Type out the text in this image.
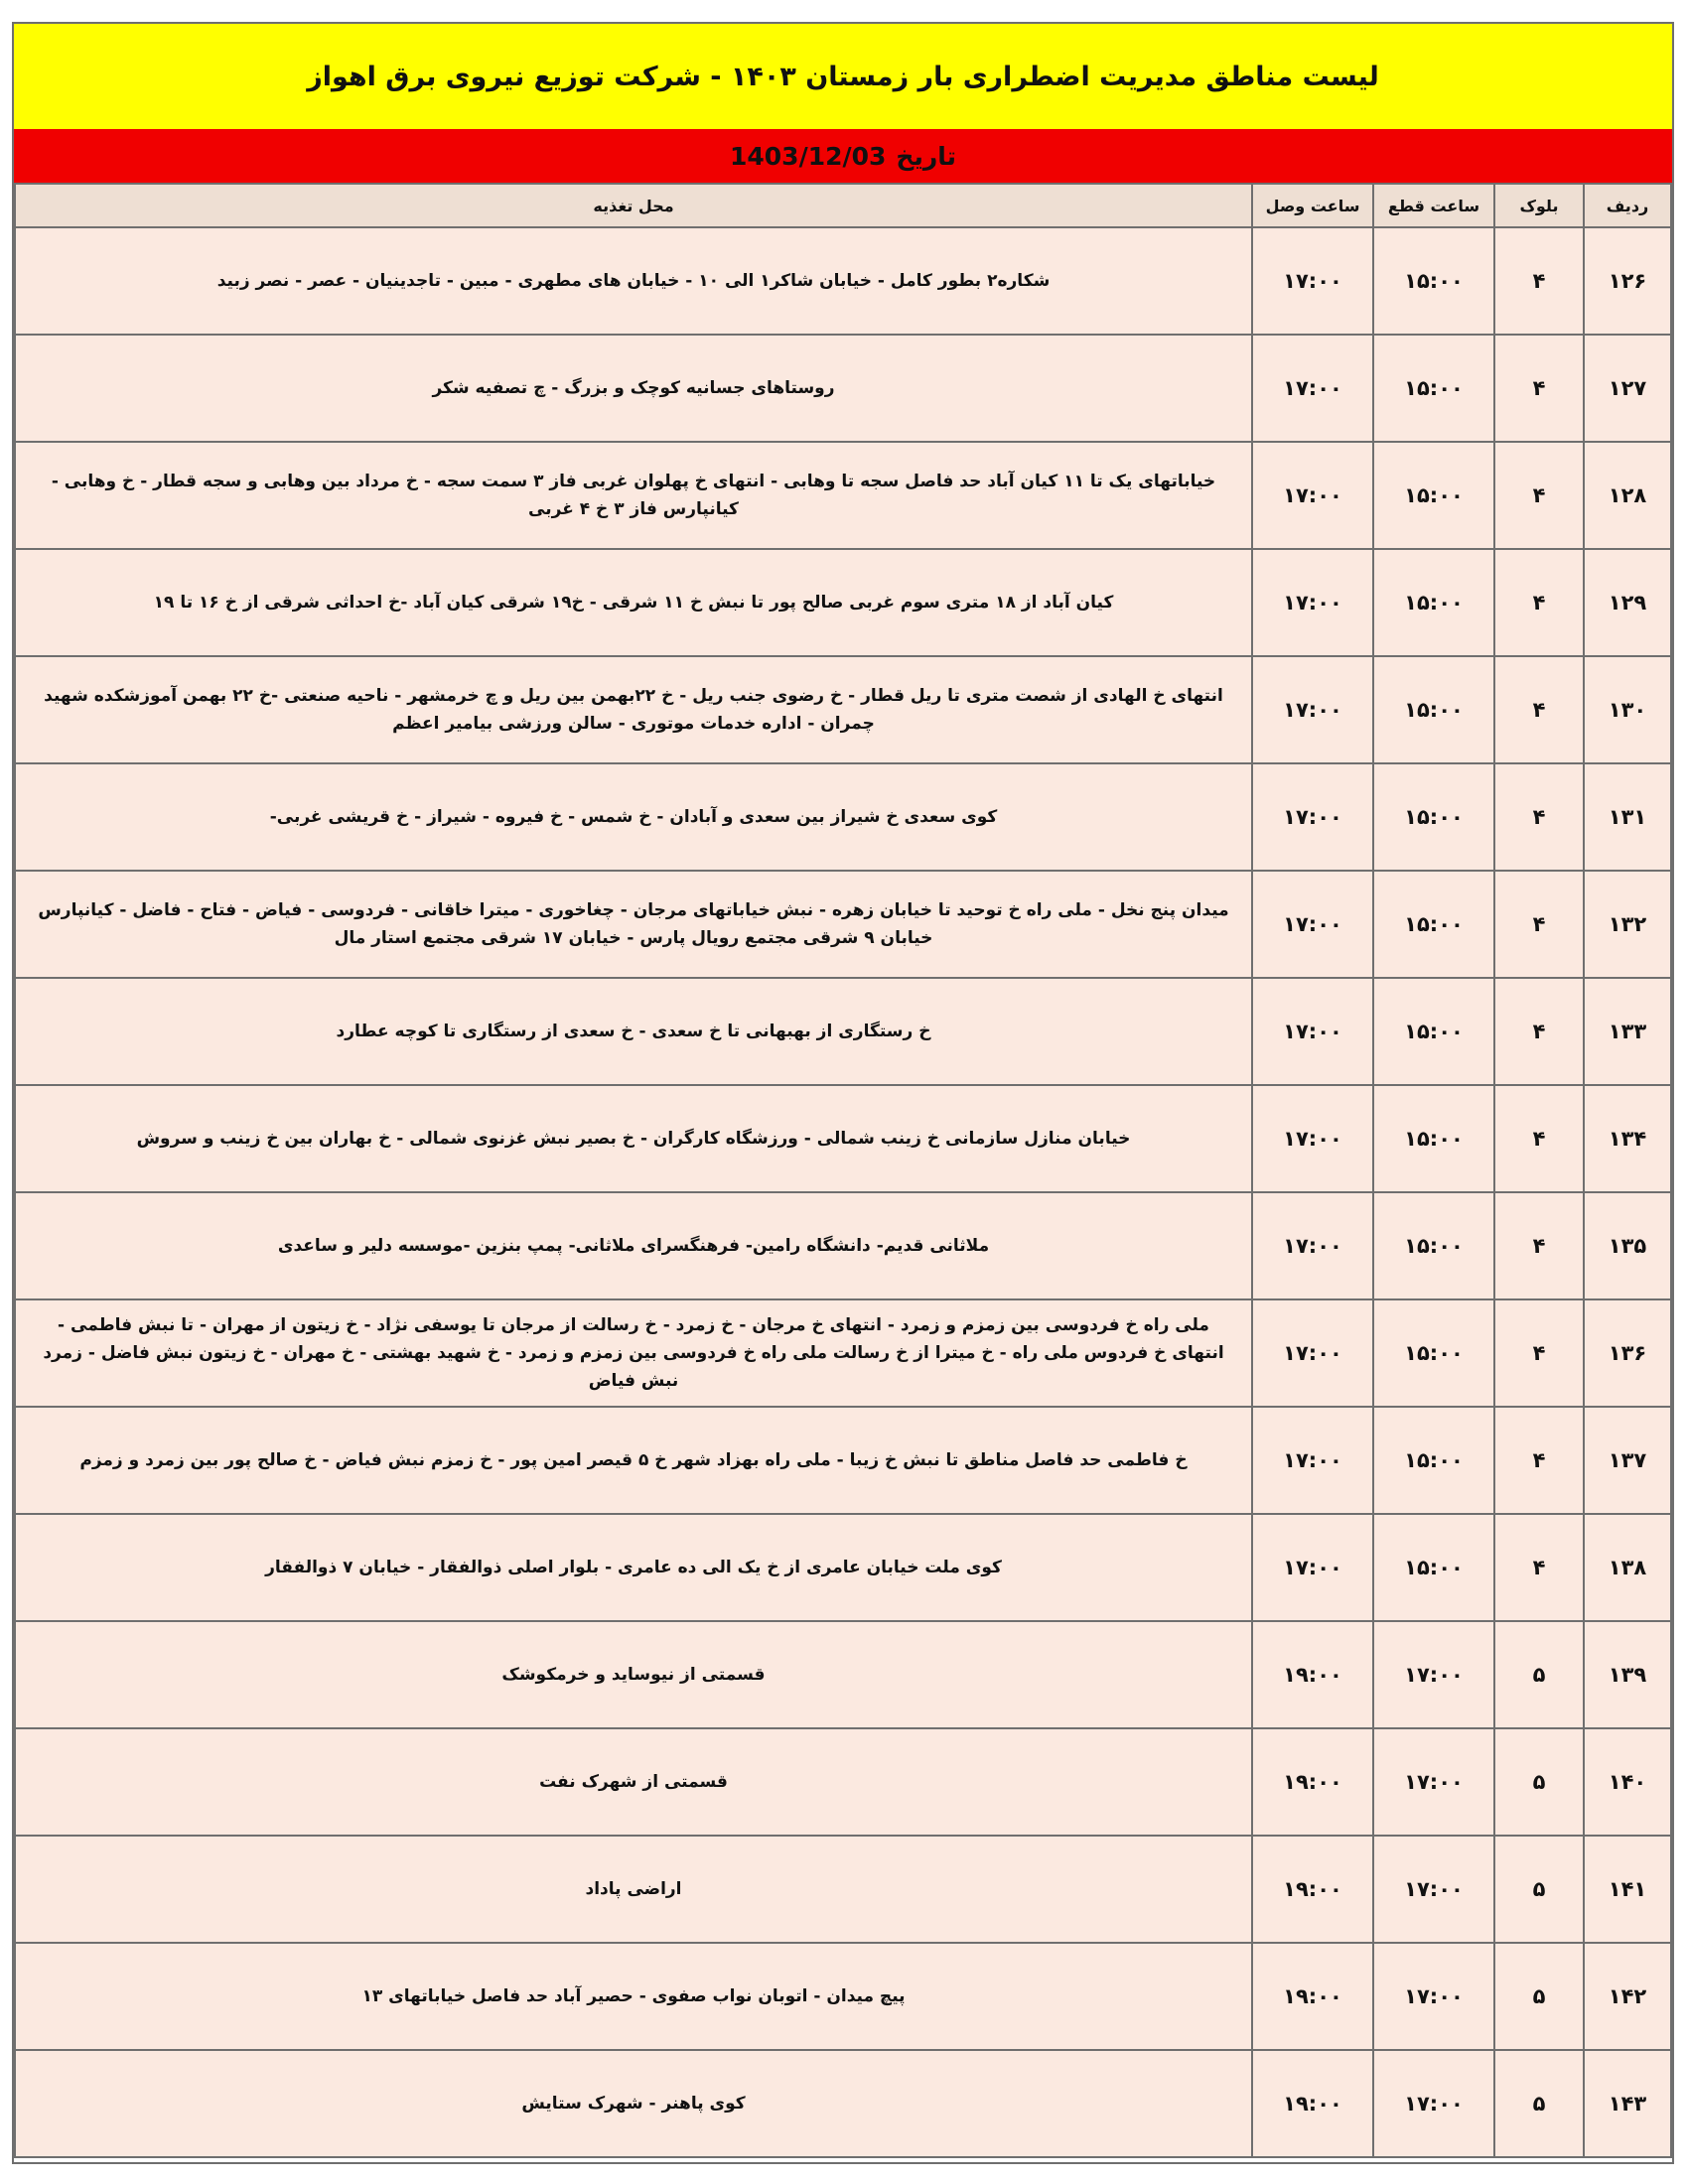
لیست مناطق مدیریت اضطراری بار زمستان ۱۴۰۳ - شرکت توزیع نیروی برق اهواز
تاریخ
1403/12/03
ردیف	بلوک	ساعت قطع	ساعت وصل	محل تغذیه
۱۲۶	۴	۱۵:۰۰	۱۷:۰۰	شکاره۲ بطور کامل - خیابان شاکر۱ الی ۱۰ - خیابان های مطهری - مبین - تاجدینیان - عصر - نصر زبید
۱۲۷	۴	۱۵:۰۰	۱۷:۰۰	روستاهای جسانیه کوچک و بزرگ - چ تصفیه شکر
۱۲۸	۴	۱۵:۰۰	۱۷:۰۰	خیاباتهای یک تا ۱۱ کیان آباد حد فاصل سجه تا وهابی - انتهای خ پهلوان غربی فاز ۳ سمت سجه - خ مرداد بین وهابی و سجه قطار - خ وهابی - کیانپارس فاز ۳ خ ۴ غربی
۱۲۹	۴	۱۵:۰۰	۱۷:۰۰	کیان آباد از ۱۸ متری سوم غربی صالح پور تا نبش خ ۱۱ شرقی - خ۱۹ شرقی کیان آباد -خ احداثی شرقی از خ ۱۶ تا ۱۹
۱۳۰	۴	۱۵:۰۰	۱۷:۰۰	انتهای خ الهادی از شصت متری تا ریل قطار - خ رضوی جنب ریل - خ ۲۲بهمن بین ریل و چ خرمشهر - ناحیه صنعتی -خ ۲۲ بهمن آموزشکده شهید چمران - اداره خدمات موتوری - سالن ورزشی بیامیر اعظم
۱۳۱	۴	۱۵:۰۰	۱۷:۰۰	کوی سعدی خ شیراز بین سعدی و آبادان - خ شمس - خ فیروه - شیراز - خ قریشی غربی-
۱۳۲	۴	۱۵:۰۰	۱۷:۰۰	میدان پنج نخل - ملی راه خ توحید تا خیابان زهره - نبش خیاباتهای مرجان - چغاخوری - میترا خاقانی - فردوسی - فیاض - فتاح - فاضل - کیانپارس خیابان ۹ شرقی مجتمع رویال پارس - خیابان ۱۷ شرقی مجتمع استار مال
۱۳۳	۴	۱۵:۰۰	۱۷:۰۰	خ رستگاری از بهبهانی تا خ سعدی - خ سعدی از رستگاری تا کوچه عطارد
۱۳۴	۴	۱۵:۰۰	۱۷:۰۰	خیابان منازل سازمانی خ زینب شمالی - ورزشگاه کارگران - خ بصیر نبش غزنوی شمالی - خ بهاران بین خ زینب و سروش
۱۳۵	۴	۱۵:۰۰	۱۷:۰۰	ملاثانی قدیم- دانشگاه رامین- فرهنگسرای ملاثانی- پمپ بنزین -موسسه دلیر و ساعدی
۱۳۶	۴	۱۵:۰۰	۱۷:۰۰	ملی راه خ فردوسی بین زمزم و زمرد - انتهای خ مرجان - خ زمرد - خ رسالت از مرجان تا یوسفی نژاد - خ زیتون از مهران - تا نبش فاطمی - انتهای خ فردوس ملی راه - خ میترا از خ رسالت ملی راه خ فردوسی بین زمزم و زمرد - خ شهید بهشتی - خ مهران - خ زیتون نبش فاضل - زمرد نبش فیاض
۱۳۷	۴	۱۵:۰۰	۱۷:۰۰	خ فاطمی حد فاصل مناطق تا نبش خ زیبا - ملی راه بهزاد شهر خ ۵ قیصر امین پور - خ زمزم نبش فیاض - خ صالح پور بین زمرد و زمزم
۱۳۸	۴	۱۵:۰۰	۱۷:۰۰	کوی ملت خیابان عامری از خ یک الی ده عامری - بلوار اصلی ذوالفقار - خیابان ۷ ذوالفقار
۱۳۹	۵	۱۷:۰۰	۱۹:۰۰	قسمتی از نیوساید و خرمکوشک
۱۴۰	۵	۱۷:۰۰	۱۹:۰۰	قسمتی از شهرک نفت
۱۴۱	۵	۱۷:۰۰	۱۹:۰۰	اراضی پاداد
۱۴۲	۵	۱۷:۰۰	۱۹:۰۰	پیچ میدان - اتوبان نواب صفوی - حصیر آباد حد فاصل خیاباتهای ۱۳
۱۴۳	۵	۱۷:۰۰	۱۹:۰۰	کوی پاهنر - شهرک ستایش
